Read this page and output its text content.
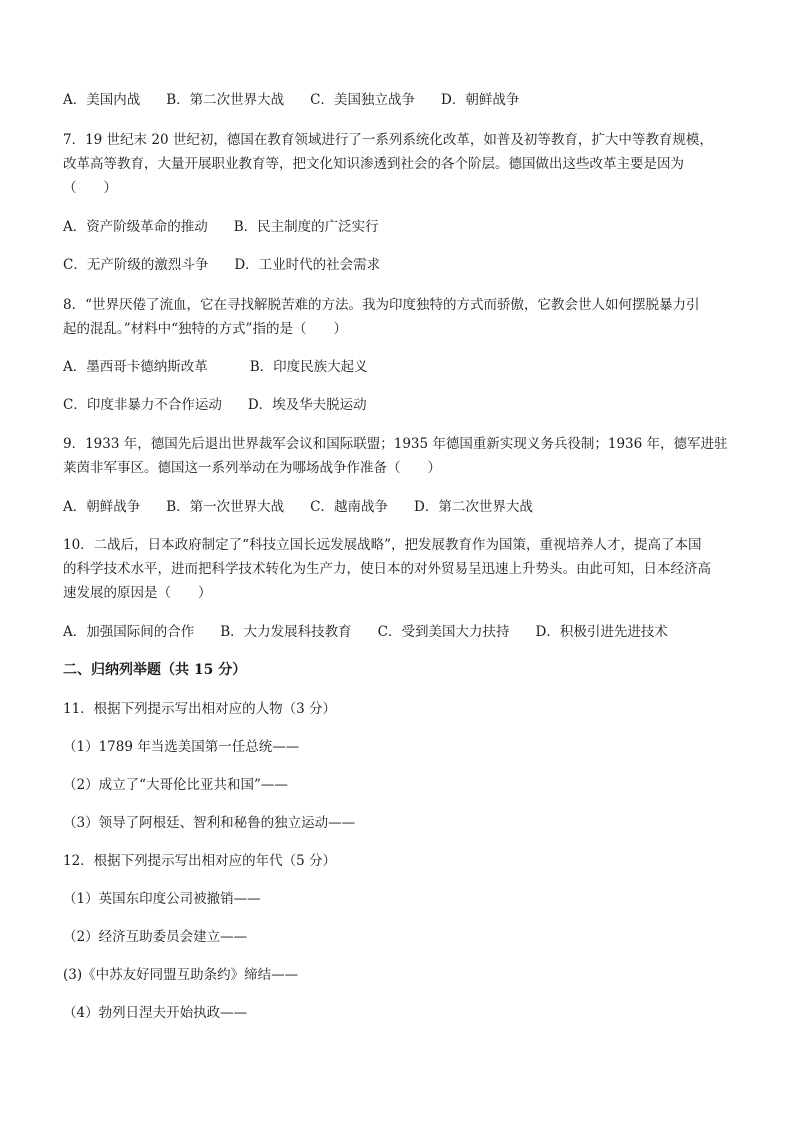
A．美国内战 B．第二次世界大战 C．美国独立战争 D．朝鲜战争
7．19 世纪末 20 世纪初，德国在教育领域进行了一系列系统化改革，如普及初等教育，扩大中等教育规模，
改革高等教育，大量开展职业教育等，把文化知识渗透到社会的各个阶层。德国做出这些改革主要是因为
（　　）
A．资产阶级革命的推动 B．民主制度的广泛实行
C．无产阶级的激烈斗争 D．工业时代的社会需求
8．“世界厌倦了流血，它在寻找解脱苦难的方法。我为印度独特的方式而骄傲，它教会世人如何摆脱暴力引
起的混乱。”材料中“独特的方式”指的是（　　）
A．墨西哥卡德纳斯改革	B．印度民族大起义
C．印度非暴力不合作运动 D．埃及华夫脱运动
9．1933 年，德国先后退出世界裁军会议和国际联盟；1935 年德国重新实现义务兵役制；1936 年，德军进驻
莱茵非军事区。德国这一系列举动在为哪场战争作准备（　　）
A．朝鲜战争 B．第一次世界大战 C．越南战争 D．第二次世界大战
10．二战后，日本政府制定了“科技立国长远发展战略”，把发展教育作为国策，重视培养人才，提高了本国
的科学技术水平，进而把科学技术转化为生产力，使日本的对外贸易呈迅速上升势头。由此可知，日本经济高
速发展的原因是（　　）
A．加强国际间的合作 B．大力发展科技教育 C．受到美国大力扶持 D．积极引进先进技术
二、归纳列举题（共 15 分）
11．根据下列提示写出相对应的人物（3 分）
（1）1789 年当选美国第一任总统——
（2）成立了“大哥伦比亚共和国”——
（3）领导了阿根廷、智利和秘鲁的独立运动——
12．根据下列提示写出相对应的年代（5 分）
（1）英国东印度公司被撤销——
（2）经济互助委员会建立——
(3)《中苏友好同盟互助条约》缔结——
（4）勃列日涅夫开始执政——
